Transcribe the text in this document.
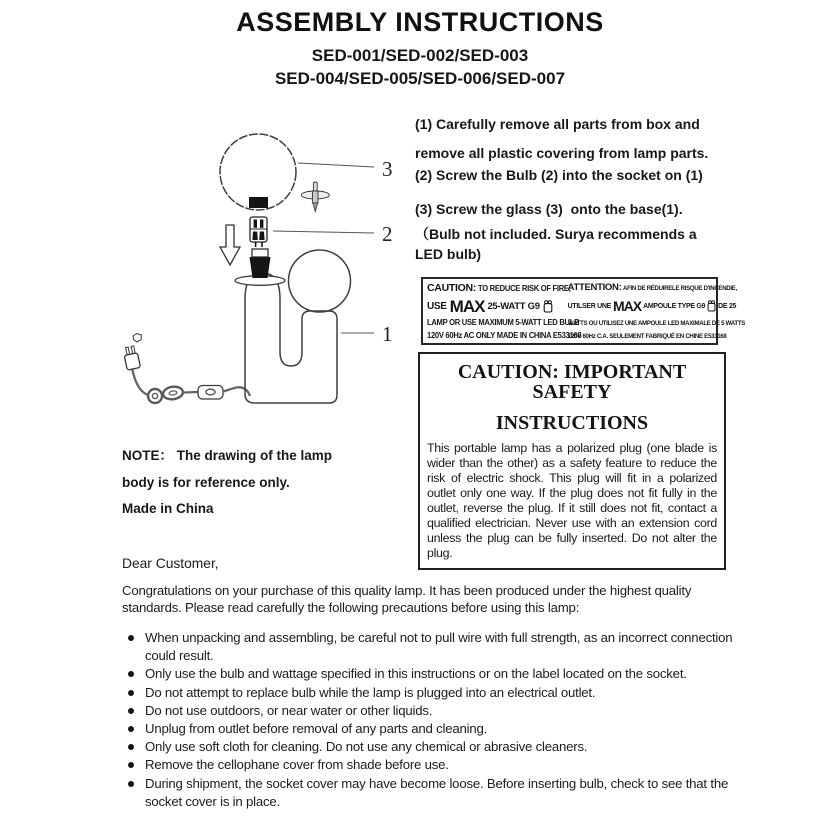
ASSEMBLY INSTRUCTIONS
SED-001/SED-002/SED-003
SED-004/SED-005/SED-006/SED-007
3
2
1
(1) Carefully remove all parts from box and
remove all plastic covering from lamp parts.
(2) Screw the Bulb (2) into the socket on (1)
(3) Screw the glass (3)  onto the base(1).
（Bulb not included. Surya recommends a
LED bulb)
CAUTION: TO REDUCE RISK OF FIRE,
USE MAX 25-WATT G9
LAMP OR USE MAXIMUM 5-WATT LED BULB
120V 60Hz AC ONLY MADE IN CHINA E533168
ATTENTION: AFIN DE RÉDUIRELE RISQUE D'INCENDIE,
UTILSER UNE MAX AMPOULE TYPE G9 DE 25
WATTS OU UTILISEZ UNE AMPOULE LED MAXIMALE DE 5 WATTS
120V 60Hz C.A. SEULEMENT FABRIQUÉ EN CHINE E533168
CAUTION: IMPORTANT SAFETY
INSTRUCTIONS
This portable lamp has a polarized plug (one blade is wider than the other) as a safety feature to reduce the risk of electric shock. This plug will fit in a polarized outlet only one way. If the plug does not fit fully in the outlet, reverse the plug. If it still does not fit, contact a qualified electrician. Never use with an extension cord unless the plug can be fully inserted. Do not alter the plug.
NOTE： The drawing of the lamp
body is for reference only.
Made in China
Dear Customer,
Congratulations on your purchase of this quality lamp. It has been produced under the highest quality standards. Please read carefully the following precautions before using this lamp:
When unpacking and assembling, be careful not to pull wire with full strength, as an incorrect connection could result.
Only use the bulb and wattage specified in this instructions or on the label located on the socket.
Do not attempt to replace bulb while the lamp is plugged into an electrical outlet.
Do not use outdoors, or near water or other liquids.
Unplug from outlet before removal of any parts and cleaning.
Only use soft cloth for cleaning. Do not use any chemical or abrasive cleaners.
Remove the cellophane cover from shade before use.
During shipment, the socket cover may have become loose. Before inserting bulb, check to see that the socket cover is in place.
